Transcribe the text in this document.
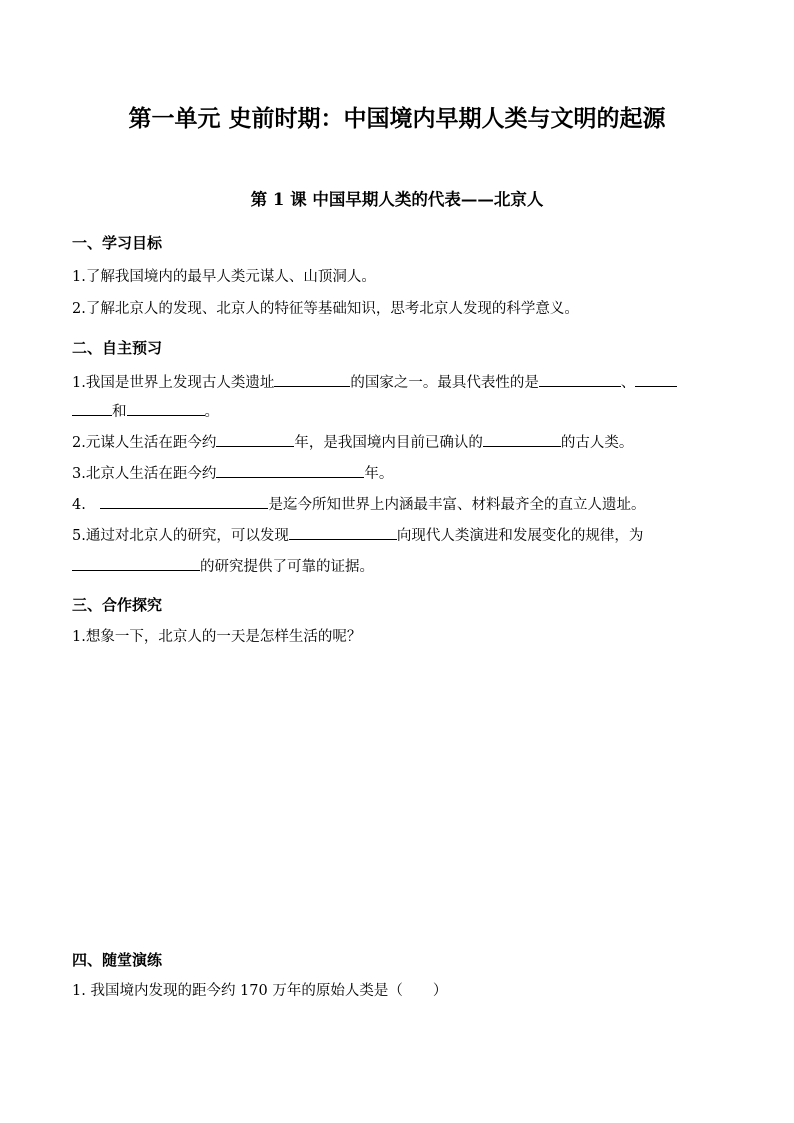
第一单元 史前时期：中国境内早期人类与文明的起源
第 1 课 中国早期人类的代表——北京人
一、学习目标
1.了解我国境内的最早人类元谋人、山顶洞人。
2.了解北京人的发现、北京人的特征等基础知识，思考北京人发现的科学意义。
二、自主预习
1.我国是世界上发现古人类遗址	的国家之一。最具代表性的是	、
和	。
2.元谋人生活在距今约	年，是我国境内目前已确认的	的古人类。
3.北京人生活在距今约	年。
4.	是迄今所知世界上内涵最丰富、材料最齐全的直立人遗址。
5.通过对北京人的研究，可以发现	向现代人类演进和发展变化的规律，为
的研究提供了可靠的证据。
三、合作探究
1.想象一下，北京人的一天是怎样生活的呢？
四、随堂演练
1. 我国境内发现的距今约 170 万年的原始人类是（ ）
